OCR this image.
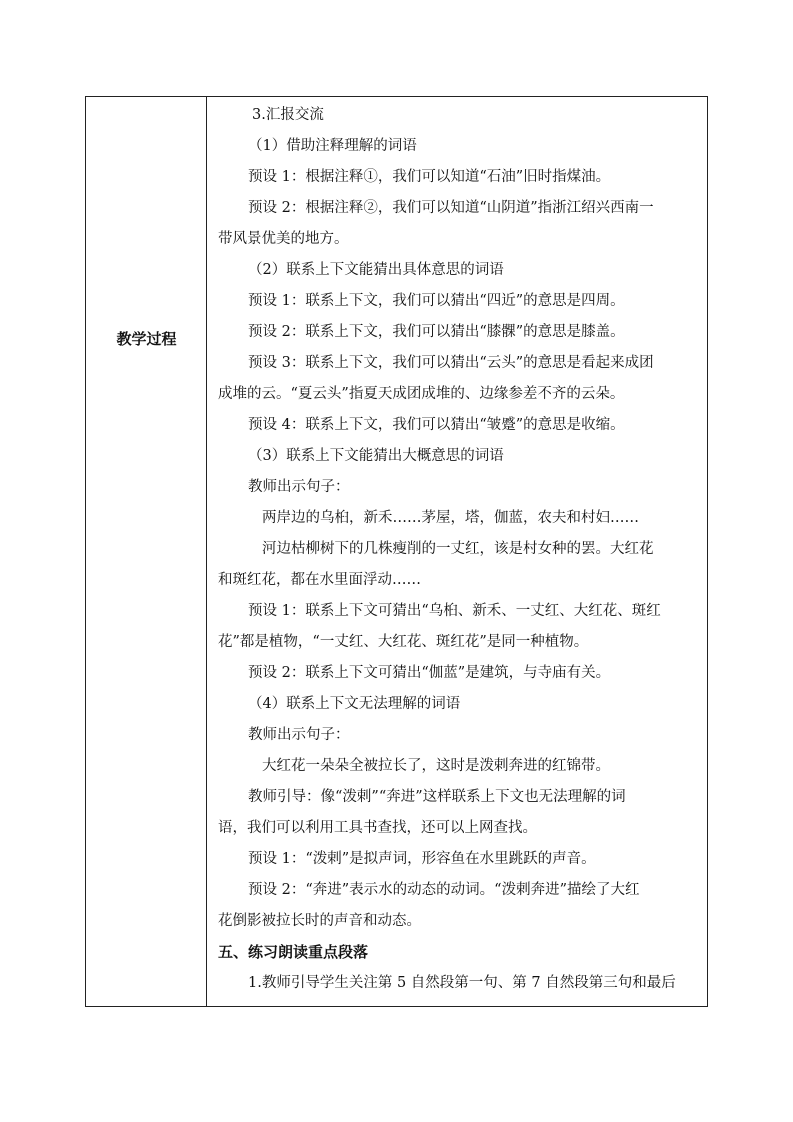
教学过程
3.汇报交流
（1）借助注释理解的词语
预设 1：根据注释①，我们可以知道“石油”旧时指煤油。
预设 2：根据注释②，我们可以知道“山阴道”指浙江绍兴西南一
带风景优美的地方。
（2）联系上下文能猜出具体意思的词语
预设 1：联系上下文，我们可以猜出“四近”的意思是四周。
预设 2：联系上下文，我们可以猜出“膝髁”的意思是膝盖。
预设 3：联系上下文，我们可以猜出“云头”的意思是看起来成团
成堆的云。“夏云头”指夏天成团成堆的、边缘参差不齐的云朵。
预设 4：联系上下文，我们可以猜出“皱蹙”的意思是收缩。
（3）联系上下文能猜出大概意思的词语
教师出示句子：
两岸边的乌桕，新禾……茅屋，塔，伽蓝，农夫和村妇……
河边枯柳树下的几株瘦削的一丈红，该是村女种的罢。大红花
和斑红花，都在水里面浮动……
预设 1：联系上下文可猜出“乌桕、新禾、一丈红、大红花、斑红
花”都是植物，“一丈红、大红花、斑红花”是同一种植物。
预设 2：联系上下文可猜出“伽蓝”是建筑，与寺庙有关。
（4）联系上下文无法理解的词语
教师出示句子：
大红花一朵朵全被拉长了，这时是泼剌奔进的红锦带。
教师引导：像“泼剌”“奔进”这样联系上下文也无法理解的词
语，我们可以利用工具书查找，还可以上网查找。
预设 1：“泼剌”是拟声词，形容鱼在水里跳跃的声音。
预设 2：“奔进”表示水的动态的动词。“泼剌奔进”描绘了大红
花倒影被拉长时的声音和动态。
五、练习朗读重点段落
1.教师引导学生关注第 5 自然段第一句、第 7 自然段第三句和最后
